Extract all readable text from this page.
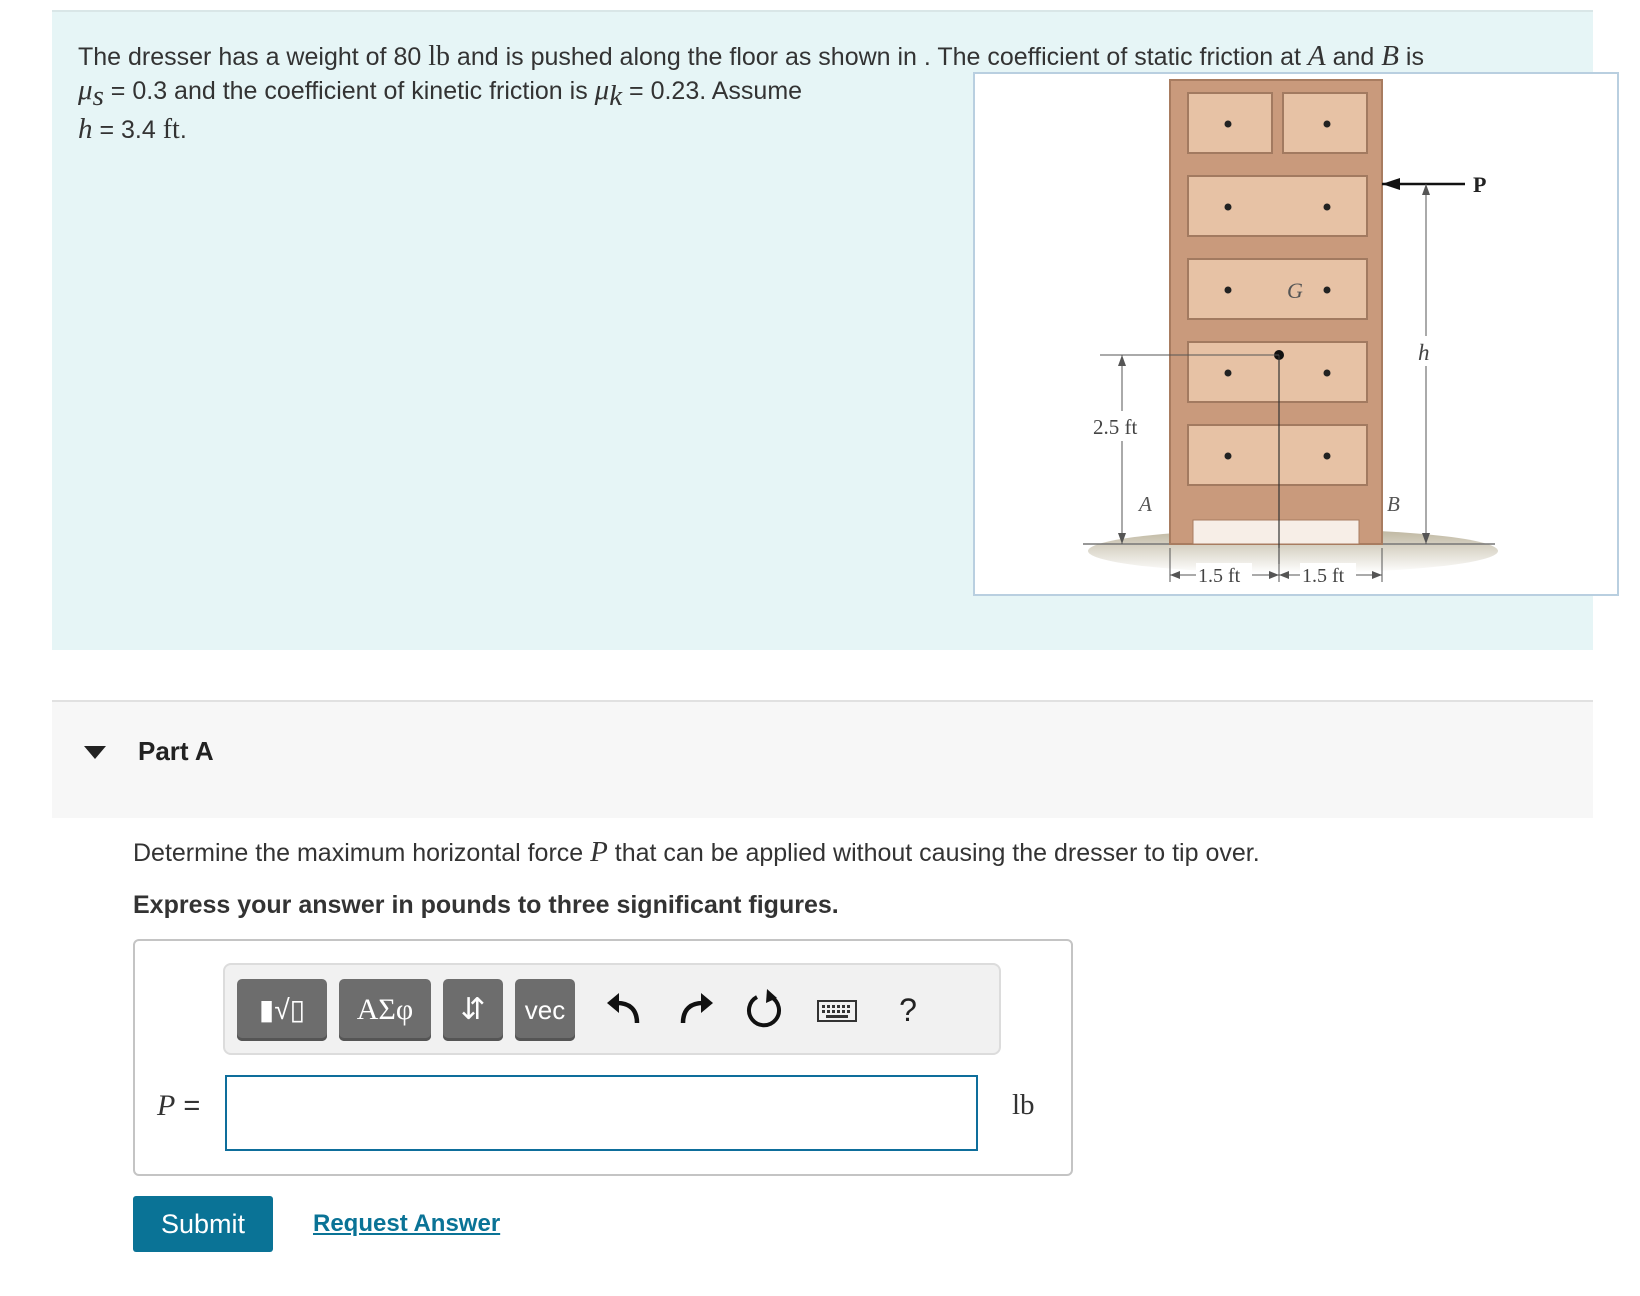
The dresser has a weight of 80 lb and is pushed along the floor as shown in . The coefficient of static friction at A and B is
$\mu_s = 0.3$ and the coefficient of kinetic friction is $\mu_k = 0.23$. Assume
h = 3.4 ft.
G
2.5 ft
A	B
P
h
1.5 ft	1.5 ft
Part A
Determine the maximum horizontal force P that can be applied without causing the dresser to tip over.
Express your answer in pounds to three significant figures.
▮√▯	ΑΣφ	⇵	vec	?
P =	lb
Submit	Request Answer
